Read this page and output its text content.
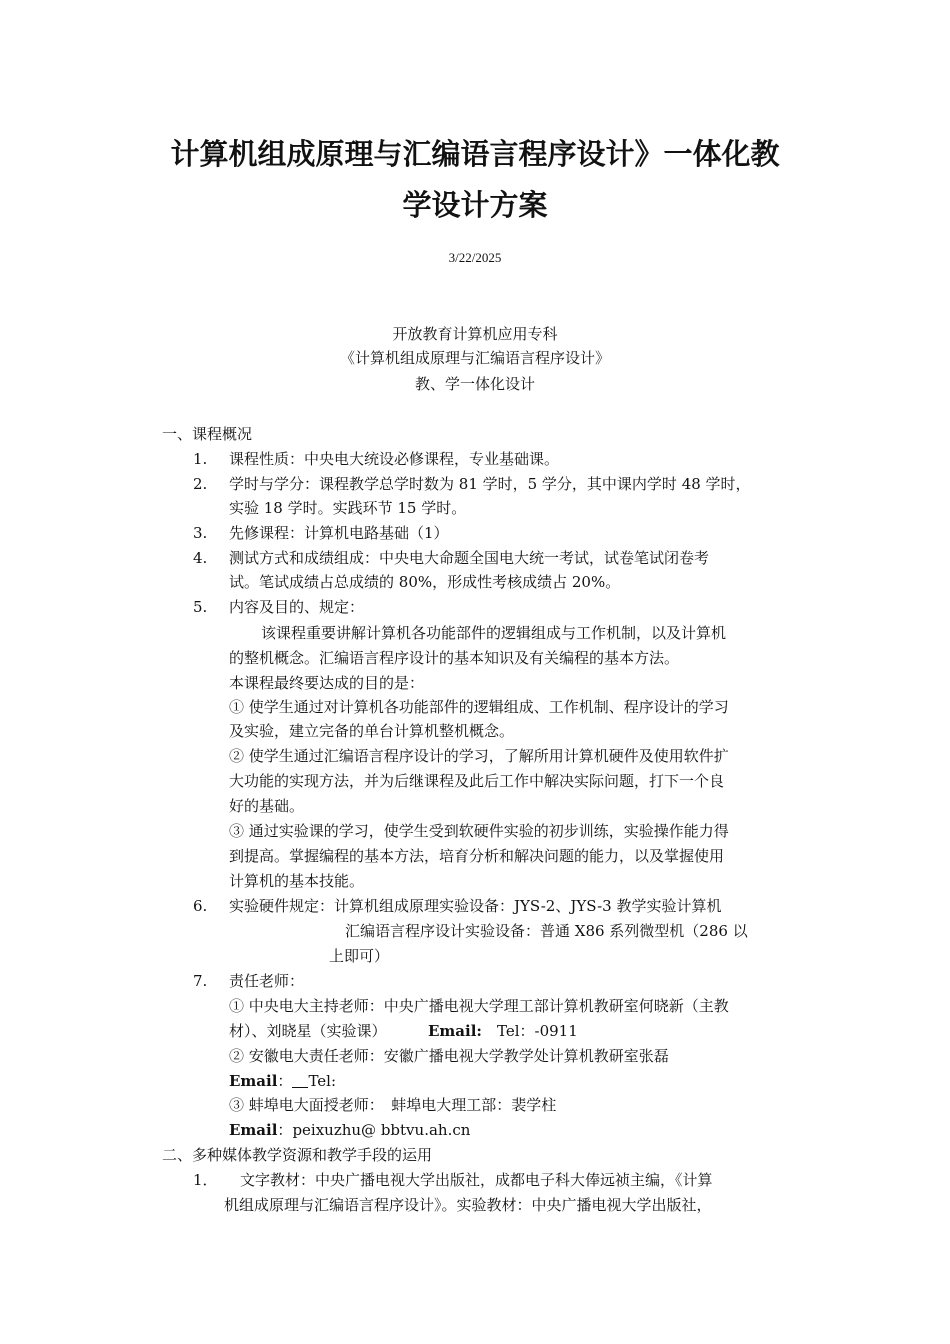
计算机组成原理与汇编语言程序设计》一体化教
学设计方案
3/22/2025
开放教育计算机应用专科
《计算机组成原理与汇编语言程序设计》
教、学一体化设计
一、课程概况
1. 课程性质：中央电大统设必修课程，专业基础课。
2. 学时与学分：课程教学总学时数为 81 学时，5 学分，其中课内学时 48 学时，
实验 18 学时。实践环节 15 学时。
3. 先修课程：计算机电路基础（1）
4. 测试方式和成绩组成：中央电大命题全国电大统一考试，试卷笔试闭卷考
试。笔试成绩占总成绩的 80%，形成性考核成绩占 20%。
5. 内容及目的、规定：
该课程重要讲解计算机各功能部件的逻辑组成与工作机制，以及计算机
的整机概念。汇编语言程序设计的基本知识及有关编程的基本方法。
本课程最终要达成的目的是：
① 使学生通过对计算机各功能部件的逻辑组成、工作机制、程序设计的学习
及实验，建立完备的单台计算机整机概念。
② 使学生通过汇编语言程序设计的学习，了解所用计算机硬件及使用软件扩
大功能的实现方法，并为后继课程及此后工作中解决实际问题，打下一个良
好的基础。
③ 通过实验课的学习，使学生受到软硬件实验的初步训练，实验操作能力得
到提高。掌握编程的基本方法，培育分析和解决问题的能力，以及掌握使用
计算机的基本技能。
6. 实验硬件规定：计算机组成原理实验设备：JYS-2、JYS-3 教学实验计算机
汇编语言程序设计实验设备：普通 X86 系列微型机（286 以
上即可）
7. 责任老师：
① 中央电大主持老师：中央广播电视大学理工部计算机教研室何晓新（主教
材）、刘晓星（实验课）	Email: Tel：-0911
② 安徽电大责任老师：安徽广播电视大学教学处计算机教研室张磊
Email： Tel:
③ 蚌埠电大面授老师：　蚌埠电大理工部：裴学柱
Email：peixuzhu@ bbtvu.ah.cn
二、多种媒体教学资源和教学手段的运用
1． 文字教材：中央广播电视大学出版社，成都电子科大俸远祯主编，《计算
机组成原理与汇编语言程序设计》。实验教材：中央广播电视大学出版社，
